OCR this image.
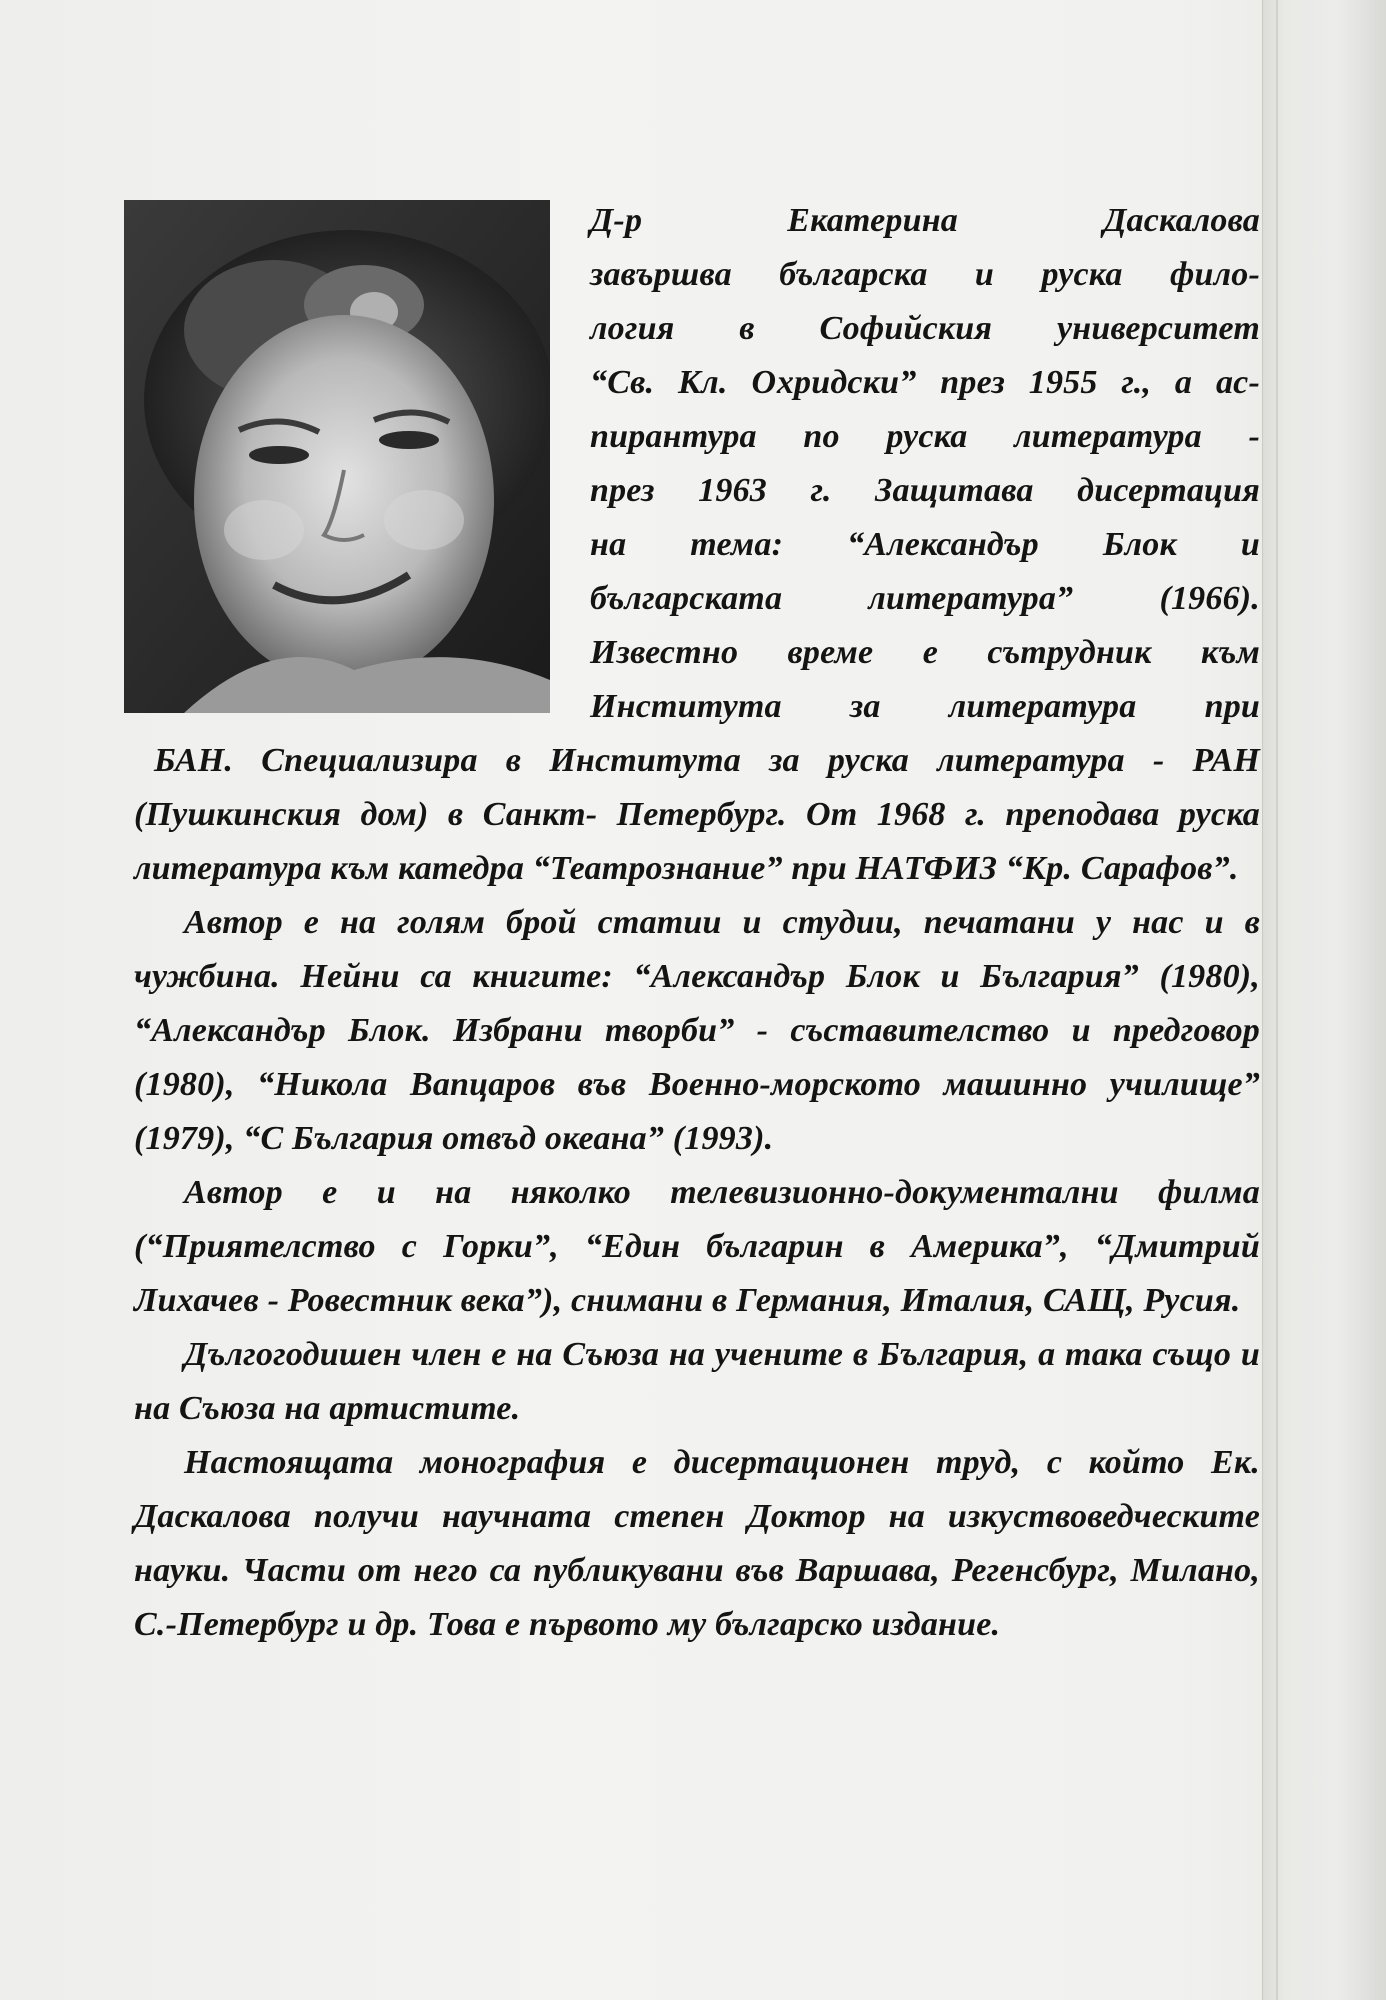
Д-р Екатерина Даскалова
завършва българска и руска фило-
логия в Софийския университет
“Св. Кл. Охридски” през 1955 г., а ас-
пирантура по руска литература -
през 1963 г. Защитава дисертация
на тема: “Александър Блок и
българската литература” (1966).
Известно време е сътрудник към
Института за литература при

БАН. Специализира в Института за руска литература - РАН (Пушкинския дом) в Санкт- Петербург. От 1968 г. преподава руска литература към катедра “Театрознание” при НАТФИЗ “Кр. Сарафов”.

Автор е на голям брой статии и студии, печатани у нас и в чужбина. Нейни са книгите: “Александър Блок и България” (1980), “Александър Блок. Избрани творби” - съставителство и предговор (1980), “Никола Вапцаров във Военно-морското машинно училище” (1979), “С България отвъд океана” (1993).

Автор е и на няколко телевизионно-документални филма (“Приятелство с Горки”, “Един българин в Америка”, “Дмитрий Лихачев - Ровестник века”), снимани в Германия, Италия, САЩ, Русия.

Дългогодишен член е на Съюза на учените в България, а така също и на Съюза на артистите.

Настоящата монография е дисертационен труд, с който Ек. Даскалова получи научната степен Доктор на изкуствоведческите науки. Части от него са публикувани във Варшава, Регенсбург, Милано, С.-Петербург и др. Това е първото му българско издание.
